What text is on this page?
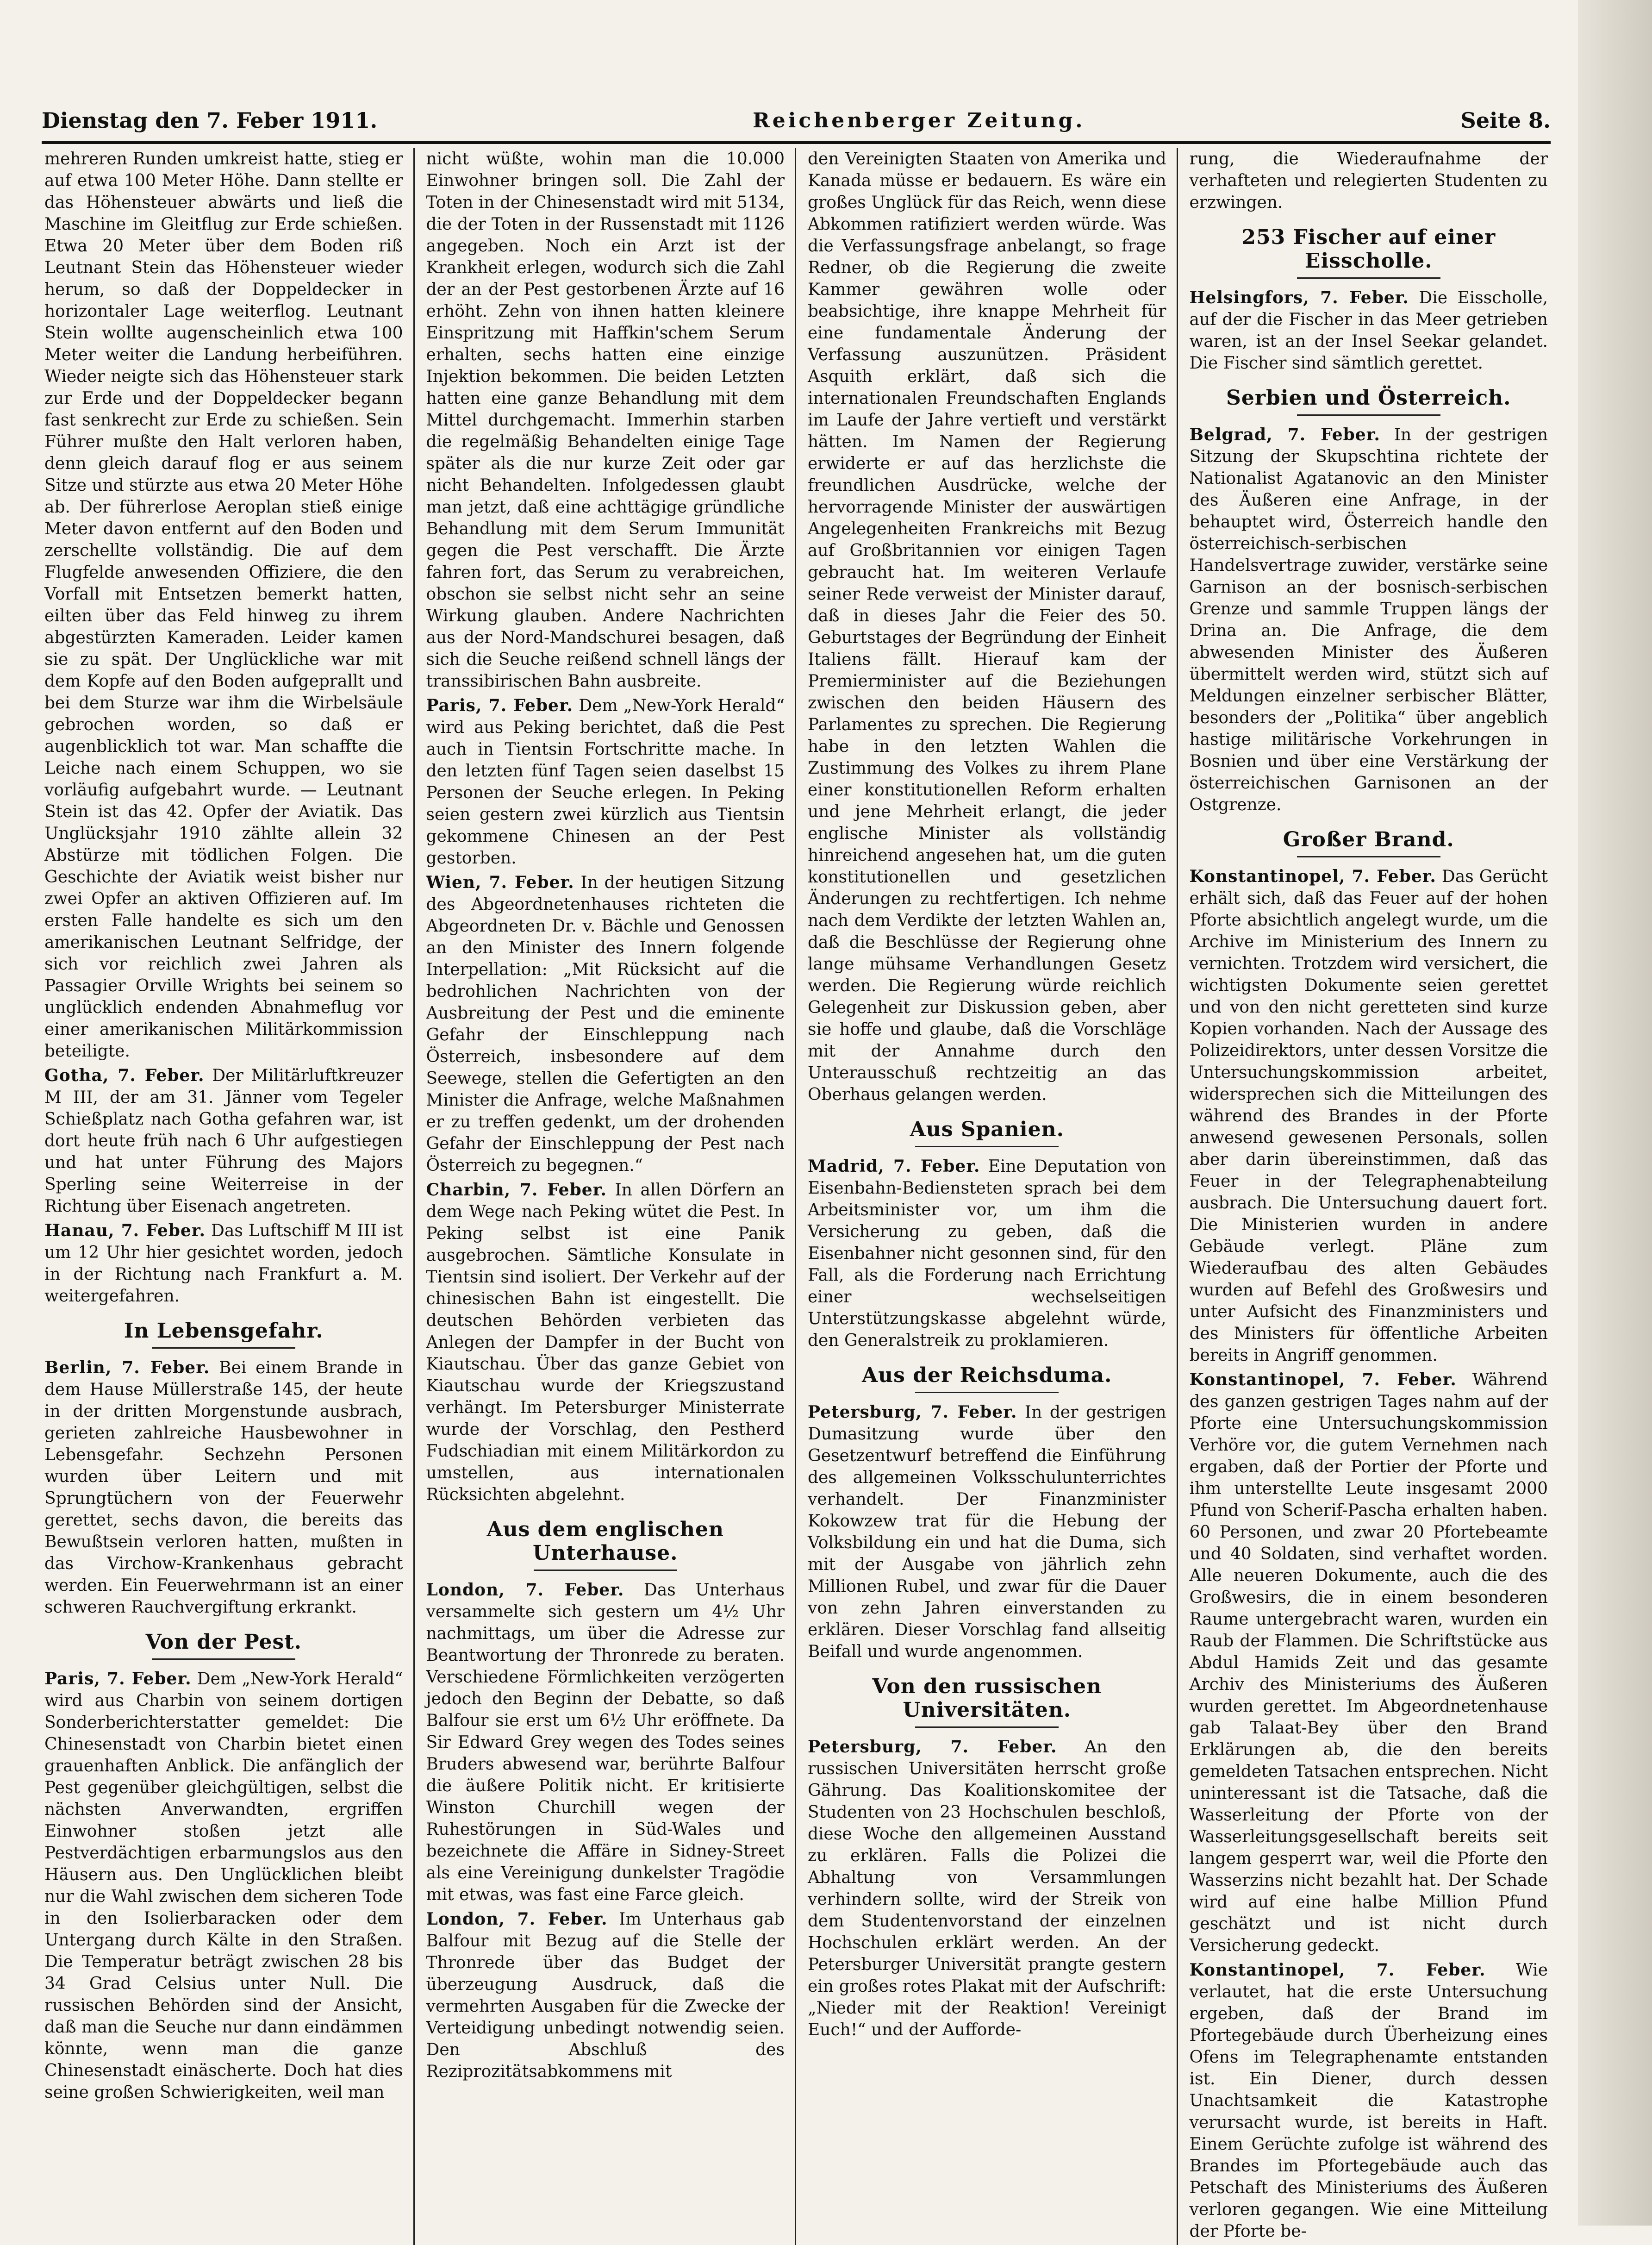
Dienstag den 7. Feber 1911.	Reichenberger Zeitung.	Seite 8.

mehreren Runden umkreist hatte, stieg er auf etwa 100 Meter Höhe. Dann stellte er das Höhensteuer abwärts und ließ die Maschine im Gleitflug zur Erde schießen. Etwa 20 Meter über dem Boden riß Leutnant Stein das Höhensteuer wieder herum, so daß der Doppeldecker in horizontaler Lage weiterflog. Leutnant Stein wollte augenscheinlich etwa 100 Meter weiter die Landung herbeiführen. Wieder neigte sich das Höhensteuer stark zur Erde und der Doppeldecker begann fast senkrecht zur Erde zu schießen. Sein Führer mußte den Halt verloren haben, denn gleich darauf flog er aus seinem Sitze und stürzte aus etwa 20 Meter Höhe ab. Der führerlose Aeroplan stieß einige Meter davon entfernt auf den Boden und zerschellte vollständig. Die auf dem Flugfelde anwesenden Offiziere, die den Vorfall mit Entsetzen bemerkt hatten, eilten über das Feld hinweg zu ihrem abgestürzten Kameraden. Leider kamen sie zu spät. Der Unglückliche war mit dem Kopfe auf den Boden aufgeprallt und bei dem Sturze war ihm die Wirbelsäule gebrochen worden, so daß er augenblicklich tot war. Man schaffte die Leiche nach einem Schuppen, wo sie vorläufig aufgebahrt wurde. — Leutnant Stein ist das 42. Opfer der Aviatik. Das Unglücksjahr 1910 zählte allein 32 Abstürze mit tödlichen Folgen. Die Geschichte der Aviatik weist bisher nur zwei Opfer an aktiven Offizieren auf. Im ersten Falle handelte es sich um den amerikanischen Leutnant Selfridge, der sich vor reichlich zwei Jahren als Passagier Orville Wrights bei seinem so unglücklich endenden Abnahmeflug vor einer amerikanischen Militärkommission beteiligte.

Gotha, 7. Feber. Der Militärluftkreuzer M III, der am 31. Jänner vom Tegeler Schießplatz nach Gotha gefahren war, ist dort heute früh nach 6 Uhr aufgestiegen und hat unter Führung des Majors Sperling seine Weiterreise in der Richtung über Eisenach angetreten.

Hanau, 7. Feber. Das Luftschiff M III ist um 12 Uhr hier gesichtet worden, jedoch in der Richtung nach Frankfurt a. M. weitergefahren.

In Lebensgefahr.

Berlin, 7. Feber. Bei einem Brande in dem Hause Müllerstraße 145, der heute in der dritten Morgenstunde ausbrach, gerieten zahlreiche Hausbewohner in Lebensgefahr. Sechzehn Personen wurden über Leitern und mit Sprungtüchern von der Feuerwehr gerettet, sechs davon, die bereits das Bewußtsein verloren hatten, mußten in das Virchow-Krankenhaus gebracht werden. Ein Feuerwehrmann ist an einer schweren Rauchvergiftung erkrankt.

Von der Pest.

Paris, 7. Feber. Dem „New-York Herald“ wird aus Charbin von seinem dortigen Sonderberichterstatter gemeldet: Die Chinesenstadt von Charbin bietet einen grauenhaften Anblick. Die anfänglich der Pest gegenüber gleichgültigen, selbst die nächsten Anverwandten, ergriffen Einwohner stoßen jetzt alle Pestverdächtigen erbarmungslos aus den Häusern aus. Den Unglücklichen bleibt nur die Wahl zwischen dem sicheren Tode in den Isolierbaracken oder dem Untergang durch Kälte in den Straßen. Die Temperatur beträgt zwischen 28 bis 34 Grad Celsius unter Null. Die russischen Behörden sind der Ansicht, daß man die Seuche nur dann eindämmen könnte, wenn man die ganze Chinesenstadt einäscherte. Doch hat dies seine großen Schwierigkeiten, weil man

nicht wüßte, wohin man die 10.000 Einwohner bringen soll. Die Zahl der Toten in der Chinesenstadt wird mit 5134, die der Toten in der Russenstadt mit 1126 angegeben. Noch ein Arzt ist der Krankheit erlegen, wodurch sich die Zahl der an der Pest gestorbenen Ärzte auf 16 erhöht. Zehn von ihnen hatten kleinere Einspritzung mit Haffkin'schem Serum erhalten, sechs hatten eine einzige Injektion bekommen. Die beiden Letzten hatten eine ganze Behandlung mit dem Mittel durchgemacht. Immerhin starben die regelmäßig Behandelten einige Tage später als die nur kurze Zeit oder gar nicht Behandelten. Infolgedessen glaubt man jetzt, daß eine achttägige gründliche Behandlung mit dem Serum Immunität gegen die Pest verschafft. Die Ärzte fahren fort, das Serum zu verabreichen, obschon sie selbst nicht sehr an seine Wirkung glauben. Andere Nachrichten aus der Nord-Mandschurei besagen, daß sich die Seuche reißend schnell längs der transsibirischen Bahn ausbreite.

Paris, 7. Feber. Dem „New-York Herald“ wird aus Peking berichtet, daß die Pest auch in Tientsin Fortschritte mache. In den letzten fünf Tagen seien daselbst 15 Personen der Seuche erlegen. In Peking seien gestern zwei kürzlich aus Tientsin gekommene Chinesen an der Pest gestorben.

Wien, 7. Feber. In der heutigen Sitzung des Abgeordnetenhauses richteten die Abgeordneten Dr. v. Bächle und Genossen an den Minister des Innern folgende Interpellation: „Mit Rücksicht auf die bedrohlichen Nachrichten von der Ausbreitung der Pest und die eminente Gefahr der Einschleppung nach Österreich, insbesondere auf dem Seewege, stellen die Gefertigten an den Minister die Anfrage, welche Maßnahmen er zu treffen gedenkt, um der drohenden Gefahr der Einschleppung der Pest nach Österreich zu begegnen.“

Charbin, 7. Feber. In allen Dörfern an dem Wege nach Peking wütet die Pest. In Peking selbst ist eine Panik ausgebrochen. Sämtliche Konsulate in Tientsin sind isoliert. Der Verkehr auf der chinesischen Bahn ist eingestellt. Die deutschen Behörden verbieten das Anlegen der Dampfer in der Bucht von Kiautschau. Über das ganze Gebiet von Kiautschau wurde der Kriegszustand verhängt. Im Petersburger Ministerrate wurde der Vorschlag, den Pestherd Fudschiadian mit einem Militärkordon zu umstellen, aus internationalen Rücksichten abgelehnt.

Aus dem englischen Unterhause.

London, 7. Feber. Das Unterhaus versammelte sich gestern um 4½ Uhr nachmittags, um über die Adresse zur Beantwortung der Thronrede zu beraten. Verschiedene Förmlichkeiten verzögerten jedoch den Beginn der Debatte, so daß Balfour sie erst um 6½ Uhr eröffnete. Da Sir Edward Grey wegen des Todes seines Bruders abwesend war, berührte Balfour die äußere Politik nicht. Er kritisierte Winston Churchill wegen der Ruhestörungen in Süd-Wales und bezeichnete die Affäre in Sidney-Street als eine Vereinigung dunkelster Tragödie mit etwas, was fast eine Farce gleich.

London, 7. Feber. Im Unterhaus gab Balfour mit Bezug auf die Stelle der Thronrede über das Budget der überzeugung Ausdruck, daß die vermehrten Ausgaben für die Zwecke der Verteidigung unbedingt notwendig seien. Den Abschluß des Reziprozitätsabkommens mit

den Vereinigten Staaten von Amerika und Kanada müsse er bedauern. Es wäre ein großes Unglück für das Reich, wenn diese Abkommen ratifiziert werden würde. Was die Verfassungsfrage anbelangt, so frage Redner, ob die Regierung die zweite Kammer gewähren wolle oder beabsichtige, ihre knappe Mehrheit für eine fundamentale Änderung der Verfassung auszunützen. Präsident Asquith erklärt, daß sich die internationalen Freundschaften Englands im Laufe der Jahre vertieft und verstärkt hätten. Im Namen der Regierung erwiderte er auf das herzlichste die freundlichen Ausdrücke, welche der hervorragende Minister der auswärtigen Angelegenheiten Frankreichs mit Bezug auf Großbritannien vor einigen Tagen gebraucht hat. Im weiteren Verlaufe seiner Rede verweist der Minister darauf, daß in dieses Jahr die Feier des 50. Geburtstages der Begründung der Einheit Italiens fällt. Hierauf kam der Premierminister auf die Beziehungen zwischen den beiden Häusern des Parlamentes zu sprechen. Die Regierung habe in den letzten Wahlen die Zustimmung des Volkes zu ihrem Plane einer konstitutionellen Reform erhalten und jene Mehrheit erlangt, die jeder englische Minister als vollständig hinreichend angesehen hat, um die guten konstitutionellen und gesetzlichen Änderungen zu rechtfertigen. Ich nehme nach dem Verdikte der letzten Wahlen an, daß die Beschlüsse der Regierung ohne lange mühsame Verhandlungen Gesetz werden. Die Regierung würde reichlich Gelegenheit zur Diskussion geben, aber sie hoffe und glaube, daß die Vorschläge mit der Annahme durch den Unterausschuß rechtzeitig an das Oberhaus gelangen werden.

Aus Spanien.

Madrid, 7. Feber. Eine Deputation von Eisenbahn-Bediensteten sprach bei dem Arbeitsminister vor, um ihm die Versicherung zu geben, daß die Eisenbahner nicht gesonnen sind, für den Fall, als die Forderung nach Errichtung einer wechselseitigen Unterstützungskasse abgelehnt würde, den Generalstreik zu proklamieren.

Aus der Reichsduma.

Petersburg, 7. Feber. In der gestrigen Dumasitzung wurde über den Gesetzentwurf betreffend die Einführung des allgemeinen Volksschulunterrichtes verhandelt. Der Finanzminister Kokowzew trat für die Hebung der Volksbildung ein und hat die Duma, sich mit der Ausgabe von jährlich zehn Millionen Rubel, und zwar für die Dauer von zehn Jahren einverstanden zu erklären. Dieser Vorschlag fand allseitig Beifall und wurde angenommen.

Von den russischen Universitäten.

Petersburg, 7. Feber. An den russischen Universitäten herrscht große Gährung. Das Koalitionskomitee der Studenten von 23 Hochschulen beschloß, diese Woche den allgemeinen Ausstand zu erklären. Falls die Polizei die Abhaltung von Versammlungen verhindern sollte, wird der Streik von dem Studentenvorstand der einzelnen Hochschulen erklärt werden. An der Petersburger Universität prangte gestern ein großes rotes Plakat mit der Aufschrift: „Nieder mit der Reaktion! Vereinigt Euch!“ und der Aufforde-

rung, die Wiederaufnahme der verhafteten und relegierten Studenten zu erzwingen.

253 Fischer auf einer Eisscholle.

Helsingfors, 7. Feber. Die Eisscholle, auf der die Fischer in das Meer getrieben waren, ist an der Insel Seekar gelandet. Die Fischer sind sämtlich gerettet.

Serbien und Österreich.

Belgrad, 7. Feber. In der gestrigen Sitzung der Skupschtina richtete der Nationalist Agatanovic an den Minister des Äußeren eine Anfrage, in der behauptet wird, Österreich handle den österreichisch-serbischen Handelsvertrage zuwider, verstärke seine Garnison an der bosnisch-serbischen Grenze und sammle Truppen längs der Drina an. Die Anfrage, die dem abwesenden Minister des Äußeren übermittelt werden wird, stützt sich auf Meldungen einzelner serbischer Blätter, besonders der „Politika“ über angeblich hastige militärische Vorkehrungen in Bosnien und über eine Verstärkung der österreichischen Garnisonen an der Ostgrenze.

Großer Brand.

Konstantinopel, 7. Feber. Das Gerücht erhält sich, daß das Feuer auf der hohen Pforte absichtlich angelegt wurde, um die Archive im Ministerium des Innern zu vernichten. Trotzdem wird versichert, die wichtigsten Dokumente seien gerettet und von den nicht geretteten sind kurze Kopien vorhanden. Nach der Aussage des Polizeidirektors, unter dessen Vorsitze die Untersuchungskommission arbeitet, widersprechen sich die Mitteilungen des während des Brandes in der Pforte anwesend gewesenen Personals, sollen aber darin übereinstimmen, daß das Feuer in der Telegraphenabteilung ausbrach. Die Untersuchung dauert fort. Die Ministerien wurden in andere Gebäude verlegt. Pläne zum Wiederaufbau des alten Gebäudes wurden auf Befehl des Großwesirs und unter Aufsicht des Finanzministers und des Ministers für öffentliche Arbeiten bereits in Angriff genommen.

Konstantinopel, 7. Feber. Während des ganzen gestrigen Tages nahm auf der Pforte eine Untersuchungskommission Verhöre vor, die gutem Vernehmen nach ergaben, daß der Portier der Pforte und ihm unterstellte Leute insgesamt 2000 Pfund von Scherif-Pascha erhalten haben. 60 Personen, und zwar 20 Pfortebeamte und 40 Soldaten, sind verhaftet worden. Alle neueren Dokumente, auch die des Großwesirs, die in einem besonderen Raume untergebracht waren, wurden ein Raub der Flammen. Die Schriftstücke aus Abdul Hamids Zeit und das gesamte Archiv des Ministeriums des Äußeren wurden gerettet. Im Abgeordnetenhause gab Talaat-Bey über den Brand Erklärungen ab, die den bereits gemeldeten Tatsachen entsprechen. Nicht uninteressant ist die Tatsache, daß die Wasserleitung der Pforte von der Wasserleitungsgesellschaft bereits seit langem gesperrt war, weil die Pforte den Wasserzins nicht bezahlt hat. Der Schade wird auf eine halbe Million Pfund geschätzt und ist nicht durch Versicherung gedeckt.

Konstantinopel, 7. Feber. Wie verlautet, hat die erste Untersuchung ergeben, daß der Brand im Pfortegebäude durch Überheizung eines Ofens im Telegraphenamte entstanden ist. Ein Diener, durch dessen Unachtsamkeit die Katastrophe verursacht wurde, ist bereits in Haft. Einem Gerüchte zufolge ist während des Brandes im Pfortegebäude auch das Petschaft des Ministeriums des Äußeren verloren gegangen. Wie eine Mitteilung der Pforte be-
